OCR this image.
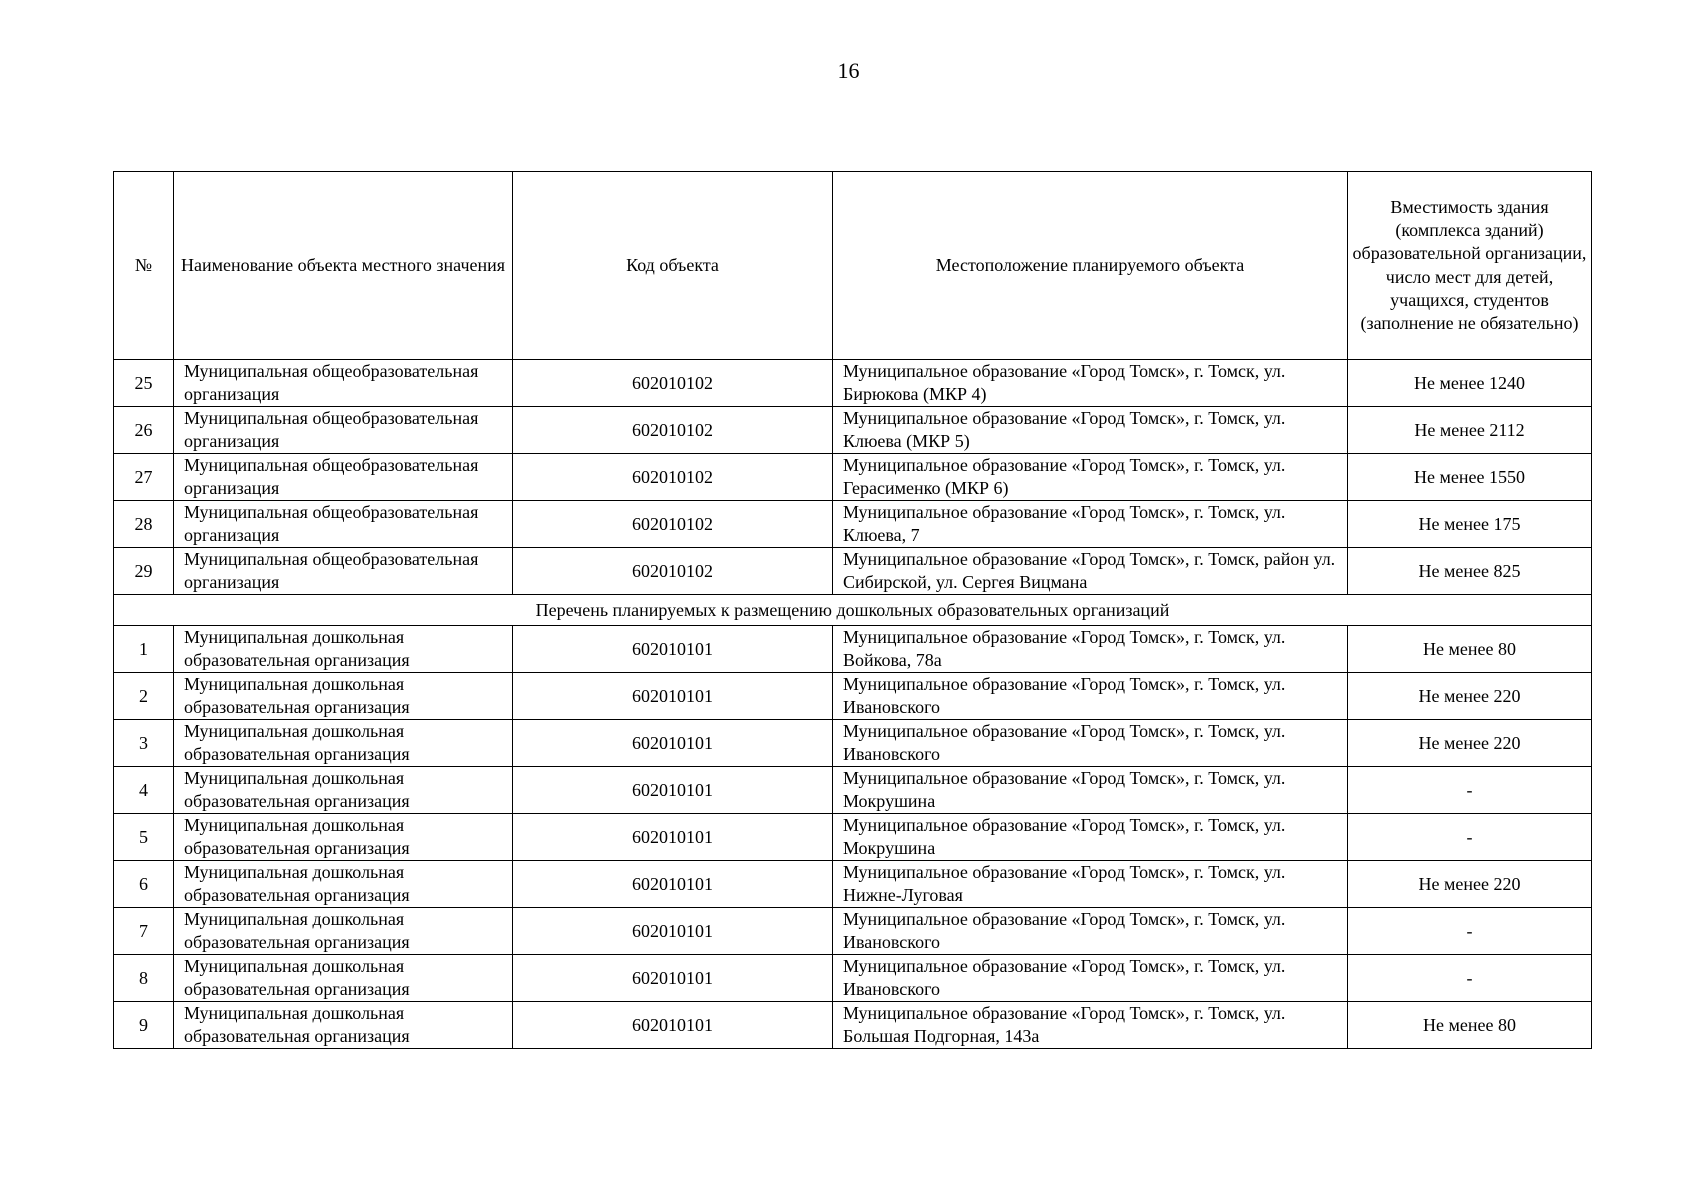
16
№	Наименование объекта местного значения	Код объекта	Местоположение планируемого объекта	Вместимость здания (комплекса зданий) образовательной организации, число мест для детей, учащихся, студентов (заполнение не обязательно)
25	Муниципальная общеобразовательная организация	602010102	Муниципальное образование «Город Томск», г. Томск, ул. Бирюкова (МКР 4)	Не менее 1240
26	Муниципальная общеобразовательная организация	602010102	Муниципальное образование «Город Томск», г. Томск, ул. Клюева (МКР 5)	Не менее 2112
27	Муниципальная общеобразовательная организация	602010102	Муниципальное образование «Город Томск», г. Томск, ул. Герасименко (МКР 6)	Не менее 1550
28	Муниципальная общеобразовательная организация	602010102	Муниципальное образование «Город Томск», г. Томск, ул. Клюева, 7	Не менее 175
29	Муниципальная общеобразовательная организация	602010102	Муниципальное образование «Город Томск», г. Томск, район ул. Сибирской, ул. Сергея Вицмана	Не менее 825
Перечень планируемых к размещению дошкольных образовательных организаций				
1	Муниципальная дошкольная образовательная организация	602010101	Муниципальное образование «Город Томск», г. Томск, ул. Войкова, 78а	Не менее 80
2	Муниципальная дошкольная образовательная организация	602010101	Муниципальное образование «Город Томск», г. Томск, ул. Ивановского	Не менее 220
3	Муниципальная дошкольная образовательная организация	602010101	Муниципальное образование «Город Томск», г. Томск, ул. Ивановского	Не менее 220
4	Муниципальная дошкольная образовательная организация	602010101	Муниципальное образование «Город Томск», г. Томск, ул. Мокрушина	-
5	Муниципальная дошкольная образовательная организация	602010101	Муниципальное образование «Город Томск», г. Томск, ул. Мокрушина	-
6	Муниципальная дошкольная образовательная организация	602010101	Муниципальное образование «Город Томск», г. Томск, ул. Нижне-Луговая	Не менее 220
7	Муниципальная дошкольная образовательная организация	602010101	Муниципальное образование «Город Томск», г. Томск, ул. Ивановского	-
8	Муниципальная дошкольная образовательная организация	602010101	Муниципальное образование «Город Томск», г. Томск, ул. Ивановского	-
9	Муниципальная дошкольная образовательная организация	602010101	Муниципальное образование «Город Томск», г. Томск, ул. Большая Подгорная, 143а	Не менее 80
